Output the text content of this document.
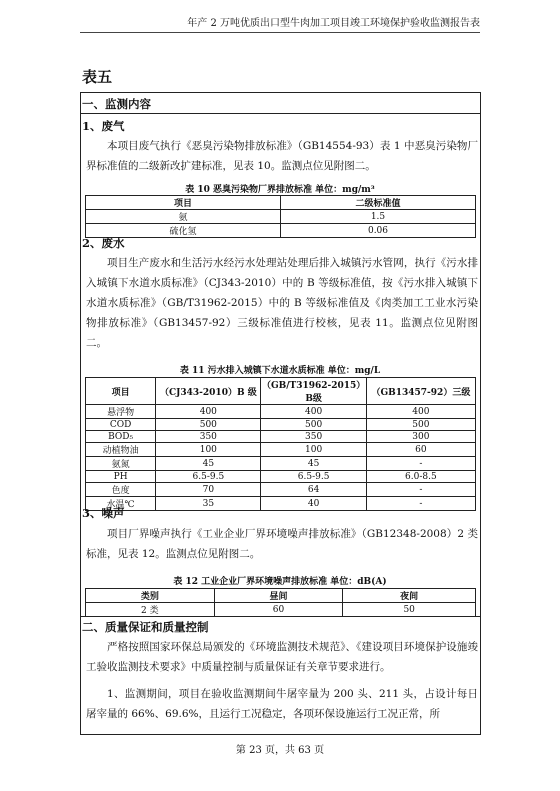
年产 2 万吨优质出口型牛肉加工项目竣工环境保护验收监测报告表
表五
一、监测内容
1、废气
本项目废气执行《恶臭污染物排放标准》（GB14554-93）表 1 中恶臭污染物厂界标准值的二级新改扩建标准，见表 10。监测点位见附图二。
表 10 恶臭污染物厂界排放标准 单位：mg/m³
项目	二级标准值
氨	1.5
硫化氢	0.06
2、废水
项目生产废水和生活污水经污水处理站处理后排入城镇污水管网，执行《污水排入城镇下水道水质标准》（CJ343-2010）中的 B 等级标准值，按《污水排入城镇下水道水质标准》（GB/T31962-2015）中的 B 等级标准值及《肉类加工工业水污染物排放标准》（GB13457-92）三级标准值进行校核，见表 11。监测点位见附图二。
表 11 污水排入城镇下水道水质标准 单位：mg/L
项目	（CJ343-2010）B 级	（GB/T31962-2015） B级	（GB13457-92）三级
悬浮物	400	400	400
COD	500	500	500
BOD₅	350	350	300
动植物油	100	100	60
氨氮	45	45	-
PH	6.5-9.5	6.5-9.5	6.0-8.5
色度	70	64	-
水温℃	35	40	-
3、噪声
项目厂界噪声执行《工业企业厂界环境噪声排放标准》（GB12348-2008）2 类标准，见表 12。监测点位见附图二。
表 12 工业企业厂界环境噪声排放标准 单位：dB(A)
类别	昼间	夜间
2 类	60	50
二、质量保证和质量控制
严格按照国家环保总局颁发的《环境监测技术规范》、《建设项目环境保护设施竣工验收监测技术要求》中质量控制与质量保证有关章节要求进行。
1、监测期间，项目在验收监测期间牛屠宰量为 200 头、211 头，占设计每日屠宰量的 66%、69.6%，且运行工况稳定，各项环保设施运行工况正常，所
第 23 页，共 63 页
